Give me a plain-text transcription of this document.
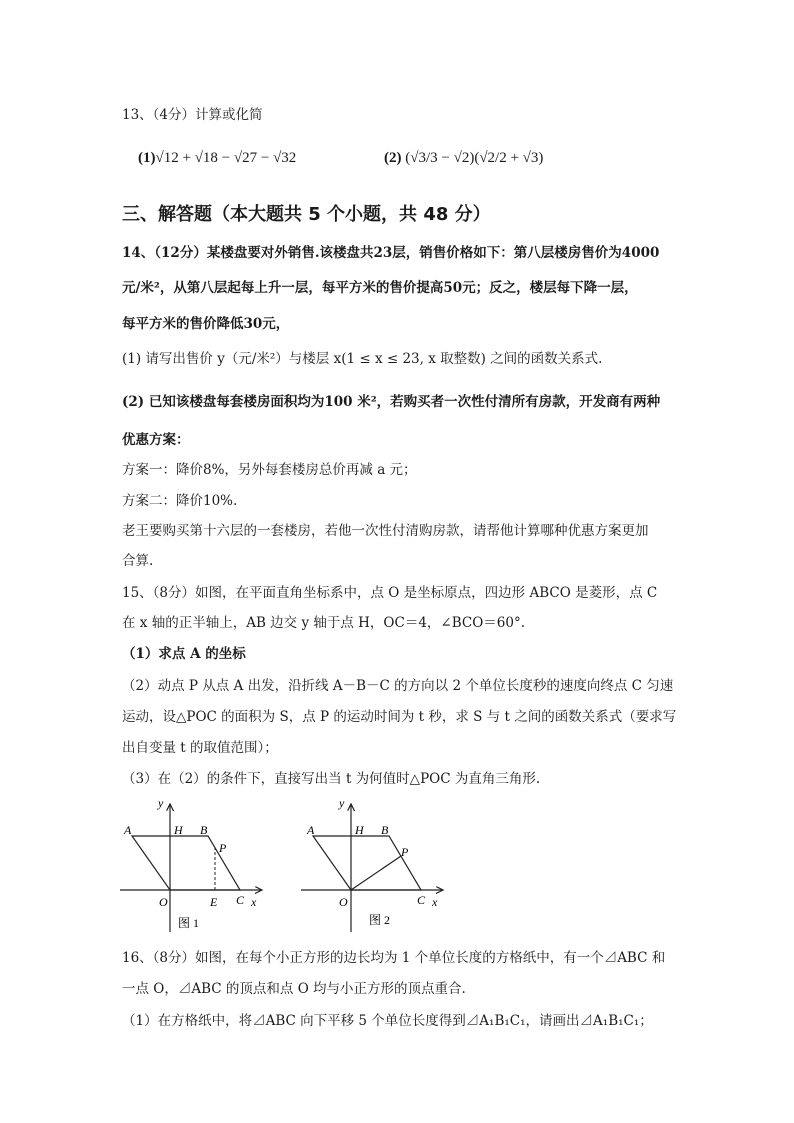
13、（4分）计算或化简
(1)√12 + √18 − √27 − √32	(2) (√3/3 − √2)(√2/2 + √3)
三、解答题（本大题共 5 个小题，共 48 分）
14、（12分）某楼盘要对外销售.该楼盘共23层，销售价格如下：第八层楼房售价为4000
元/米²，从第八层起每上升一层，每平方米的售价提高50元；反之，楼层每下降一层，
每平方米的售价降低30元，
(1) 请写出售价 y（元/米²）与楼层 x(1 ≤ x ≤ 23, x 取整数) 之间的函数关系式.
(2) 已知该楼盘每套楼房面积均为100 米²，若购买者一次性付清所有房款，开发商有两种
优惠方案：
方案一：降价8%，另外每套楼房总价再减 a 元；
方案二：降价10%.
老王要购买第十六层的一套楼房，若他一次性付清购房款，请帮他计算哪种优惠方案更加
合算.
15、（8分）如图，在平面直角坐标系中，点 O 是坐标原点，四边形 ABCO 是菱形，点 C
在 x 轴的正半轴上，AB 边交 y 轴于点 H，OC＝4，∠BCO＝60°.
（1）求点 A 的坐标
（2）动点 P 从点 A 出发，沿折线 A－B－C 的方向以 2 个单位长度秒的速度向终点 C 匀速
运动，设△POC 的面积为 S，点 P 的运动时间为 t 秒，求 S 与 t 之间的函数关系式（要求写
出自变量 t 的取值范围）；
（3）在（2）的条件下，直接写出当 t 为何值时△POC 为直角三角形.
y
A	H B
P
O	E C x
图 1
y
A	H B
P
O	C x
图 2
16、（8分）如图，在每个小正方形的边长均为 1 个单位长度的方格纸中，有一个⊿ABC 和
一点 O，⊿ABC 的顶点和点 O 均与小正方形的顶点重合.
（1）在方格纸中，将⊿ABC 向下平移 5 个单位长度得到⊿A₁B₁C₁，请画出⊿A₁B₁C₁；
